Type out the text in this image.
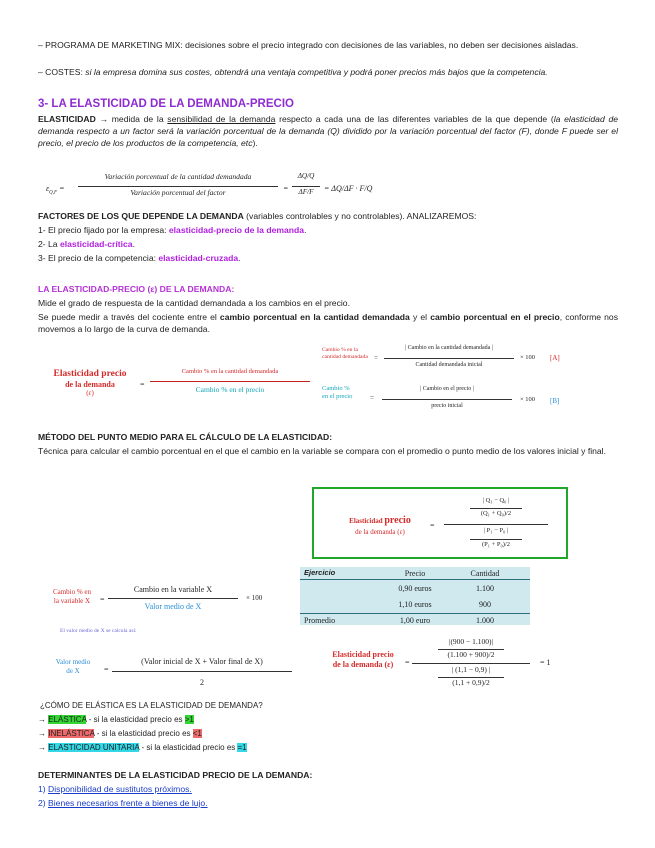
– PROGRAMA DE MARKETING MIX: decisiones sobre el precio integrado con decisiones de las variables, no deben ser decisiones aisladas.
– COSTES: si la empresa domina sus costes, obtendrá una ventaja competitiva y podrá poner precios más bajos que la competencia.
3- LA ELASTICIDAD DE LA DEMANDA-PRECIO
ELASTICIDAD → medida de la sensibilidad de la demanda respecto a cada una de las diferentes variables de la que depende (la elasticidad de demanda respecto a un factor será la variación porcentual de la demanda (Q) dividido por la variación porcentual del factor (F), donde F puede ser el precio, el precio de los productos de la competencia, etc).
$\varepsilon_{Q,F}$ =
Variación porcentual de la cantidad demandada
Variación porcentual del factor	=
ΔQ/Q
ΔF/F	= ΔQ/ΔF · F/Q
FACTORES DE LOS QUE DEPENDE LA DEMANDA (variables controlables y no controlables). ANALIZAREMOS:
1- El precio fijado por la empresa: elasticidad-precio de la demanda.
2- La elasticidad-crítica.
3- El precio de la competencia: elasticidad-cruzada.
LA ELASTICIDAD-PRECIO (ε) DE LA DEMANDA:
Mide el grado de respuesta de la cantidad demandada a los cambios en el precio.
Se puede medir a través del cociente entre el cambio porcentual en la cantidad demandada y el cambio porcentual en el precio, conforme nos movemos a lo largo de la curva de demanda.
Elasticidad precio
de la demanda
(ε)
=
Cambio % en la cantidad demandada
Cambio % en el precio
Cambio % en la cantidad demandada =
| Cambio en la cantidad demandada |
Cantidad demandada inicial
× 100 [A]
Cambio %
en el precio	=
| Cambio en el precio |
precio inicial
× 100 [B]
MÉTODO DEL PUNTO MEDIO PARA EL CÁLCULO DE LA ELASTICIDAD:
Técnica para calcular el cambio porcentual en el que el cambio en la variable se compara con el promedio o punto medio de los valores inicial y final.
Elasticidad precio
de la demanda (ε)
=
| Q₁ − Q₀ |
(Q₁ + Q₀)/2
| P₁ − P₀ |
(P₁ + P₀)/2
Cambio % en
la variable X	=
Cambio en la variable X
Valor medio de X
× 100
Ejercicio	Precio	Cantidad
0,90 euros	1.100
1,10 euros	900
Promedio	1,00 euro	1.000
El valor medio de X se calcula así:
Valor medio
de X	=
(Valor inicial de X + Valor final de X)
2
Elasticidad precio
de la demanda (ε)	=
|(900 − 1.100)|
(1.100 + 900)/2
| (1,1 − 0,9) |
(1,1 + 0,9)/2
= 1
¿CÓMO DE ELÁSTICA ES LA ELASTICIDAD DE DEMANDA?
→ ELÁSTICA - si la elasticidad precio es >1
→ INELÁSTICA - si la elasticidad precio es <1
→ ELASTICIDAD UNITARIA - si la elasticidad precio es =1
DETERMINANTES DE LA ELASTICIDAD PRECIO DE LA DEMANDA:
1) Disponibilidad de sustitutos próximos.
2) Bienes necesarios frente a bienes de lujo.
